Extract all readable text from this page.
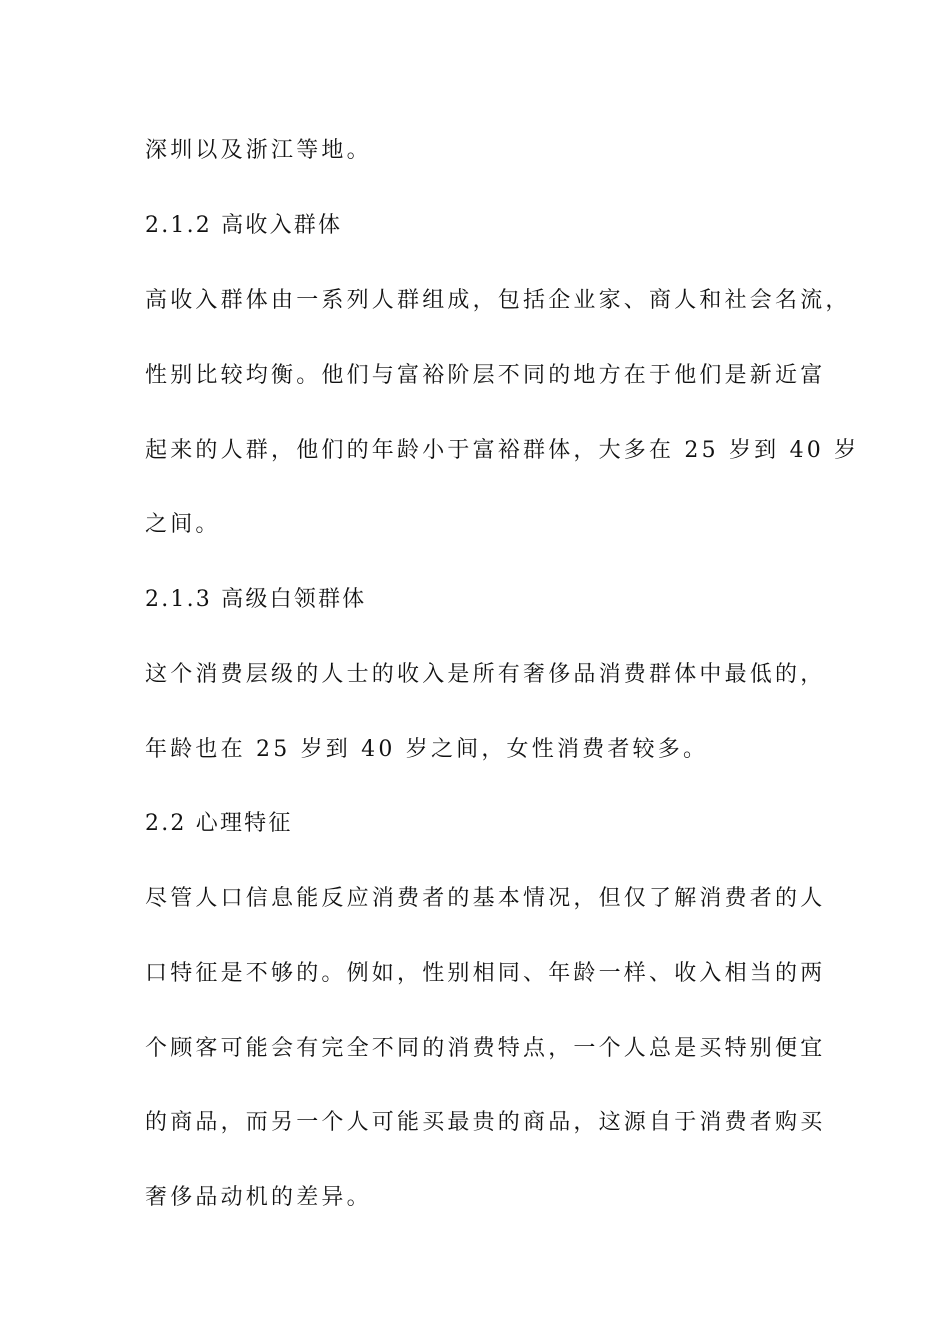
深圳以及浙江等地。
2.1.2 高收入群体
高收入群体由一系列人群组成，包括企业家、商人和社会名流，
性别比较均衡。他们与富裕阶层不同的地方在于他们是新近富
起来的人群，他们的年龄小于富裕群体，大多在 25 岁到 40 岁
之间。
2.1.3 高级白领群体
这个消费层级的人士的收入是所有奢侈品消费群体中最低的，
年龄也在 25 岁到 40 岁之间，女性消费者较多。
2.2 心理特征
尽管人口信息能反应消费者的基本情况，但仅了解消费者的人
口特征是不够的。例如，性别相同、年龄一样、收入相当的两
个顾客可能会有完全不同的消费特点，一个人总是买特别便宜
的商品，而另一个人可能买最贵的商品，这源自于消费者购买
奢侈品动机的差异。
